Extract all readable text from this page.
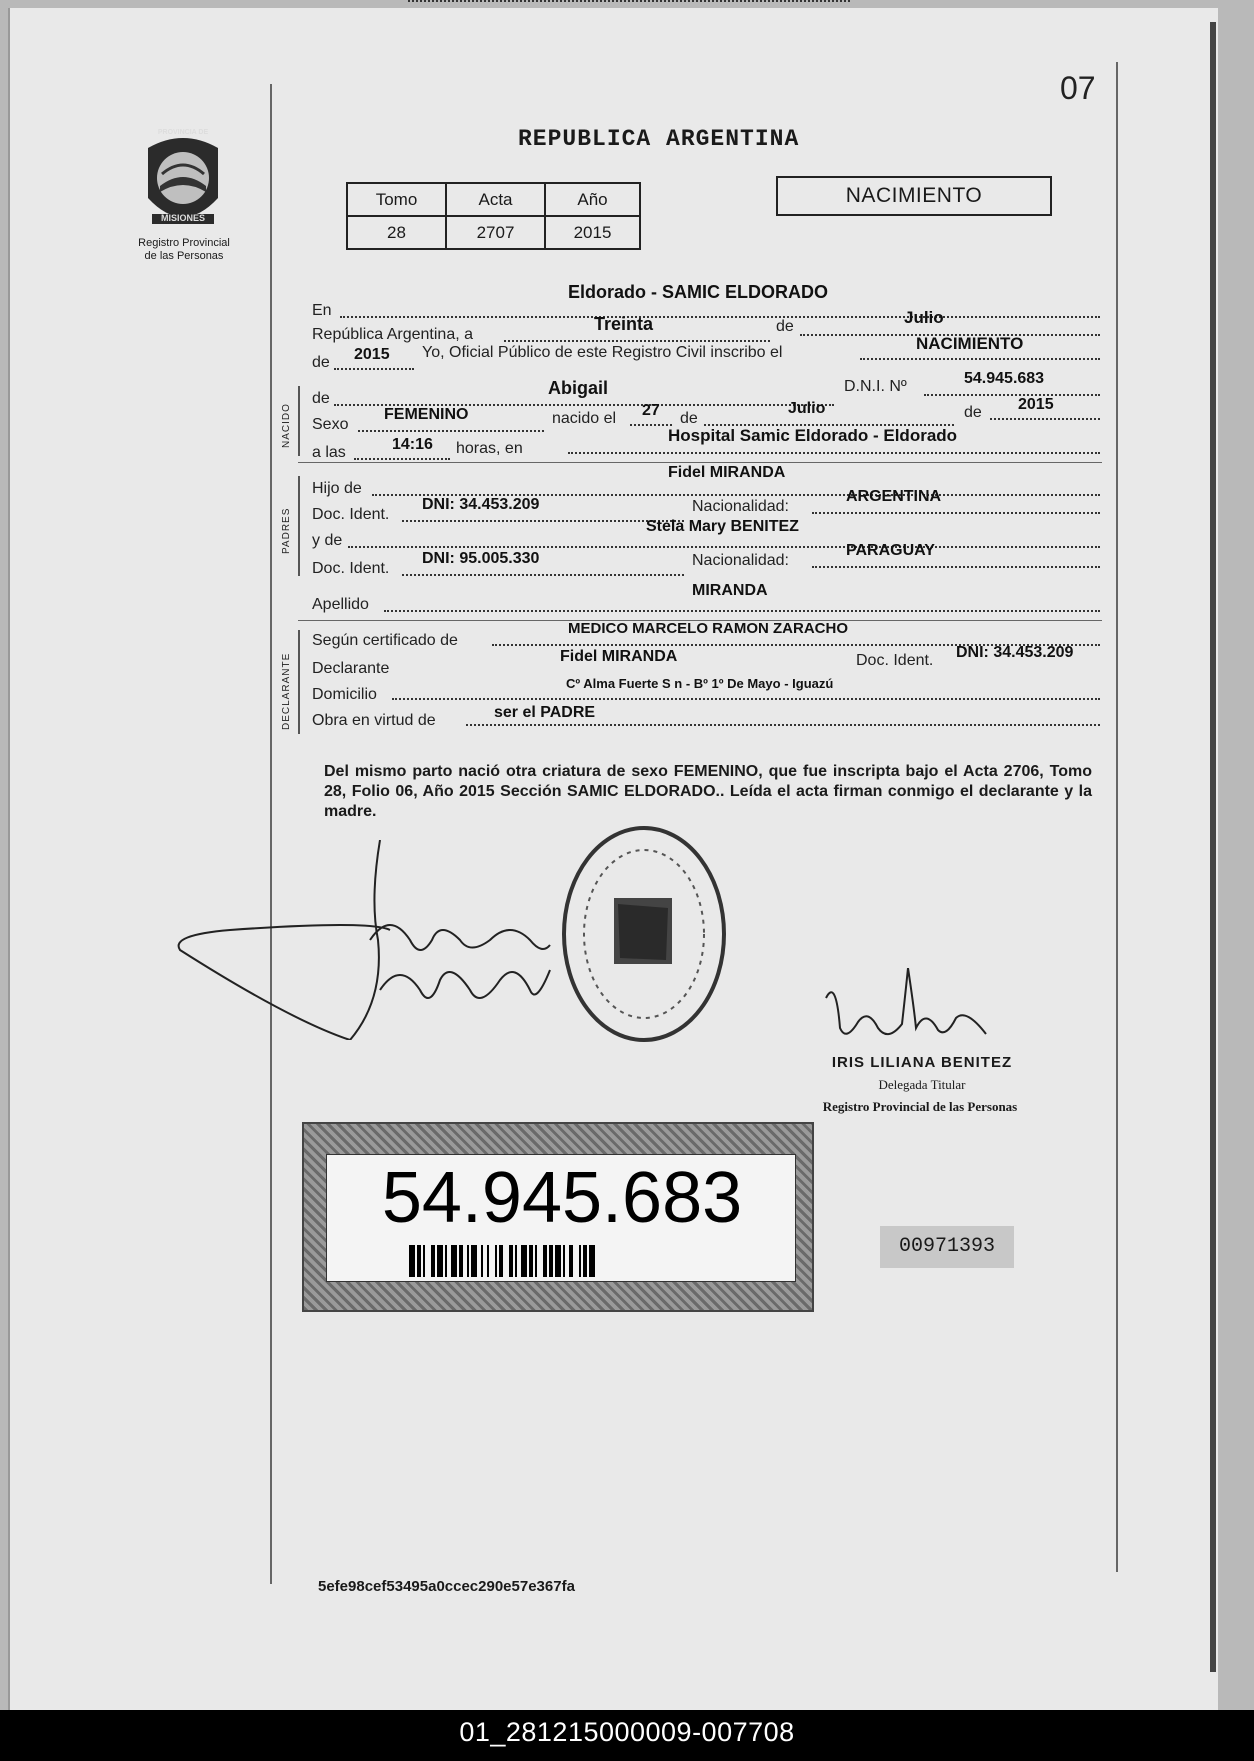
07
REPUBLICA ARGENTINA
Registro Provincial
de las Personas
PROVINCIA DE
MISIONES
Tomo	Acta	Año
28	2707	2015
NACIMIENTO
En
Eldorado - SAMIC ELDORADO
República Argentina, a
Treinta	de	Julio
de 2015 Yo, Oficial Público de este Registro Civil inscribo el	NACIMIENTO
NACIDO
de
Abigail	D.N.I. Nº	54.945.683
Sexo
FEMENINO	nacido el 27 de
Julio	de 2015
a las	14:16 horas, en
Hospital Samic Eldorado - Eldorado
PADRES
Hijo de
Fidel MIRANDA
Doc. Ident.
DNI: 34.453.209	Nacionalidad:
ARGENTINA
y de
Stela Mary BENITEZ
Doc. Ident.
DNI: 95.005.330	Nacionalidad:
PARAGUAY
Apellido
MIRANDA
DECLARANTE
Según certificado de
MEDICO MARCELO RAMON ZARACHO
Declarante
Fidel MIRANDA	Doc. Ident. DNI: 34.453.209
Domicilio
Cº Alma Fuerte S n - Bº 1º De Mayo - Iguazú
Obra en virtud de	ser el PADRE
Del mismo parto nació otra criatura de sexo FEMENINO, que fue inscripta bajo el Acta 2706, Tomo 28, Folio 06, Año 2015 Sección SAMIC ELDORADO.. Leída el acta firman conmigo el declarante y la madre.
IRIS LILIANA BENITEZ
Delegada Titular
Registro Provincial de las Personas
54.945.683
00971393
5efe98cef53495a0ccec290e57e367fa
01_281215000009-007708
